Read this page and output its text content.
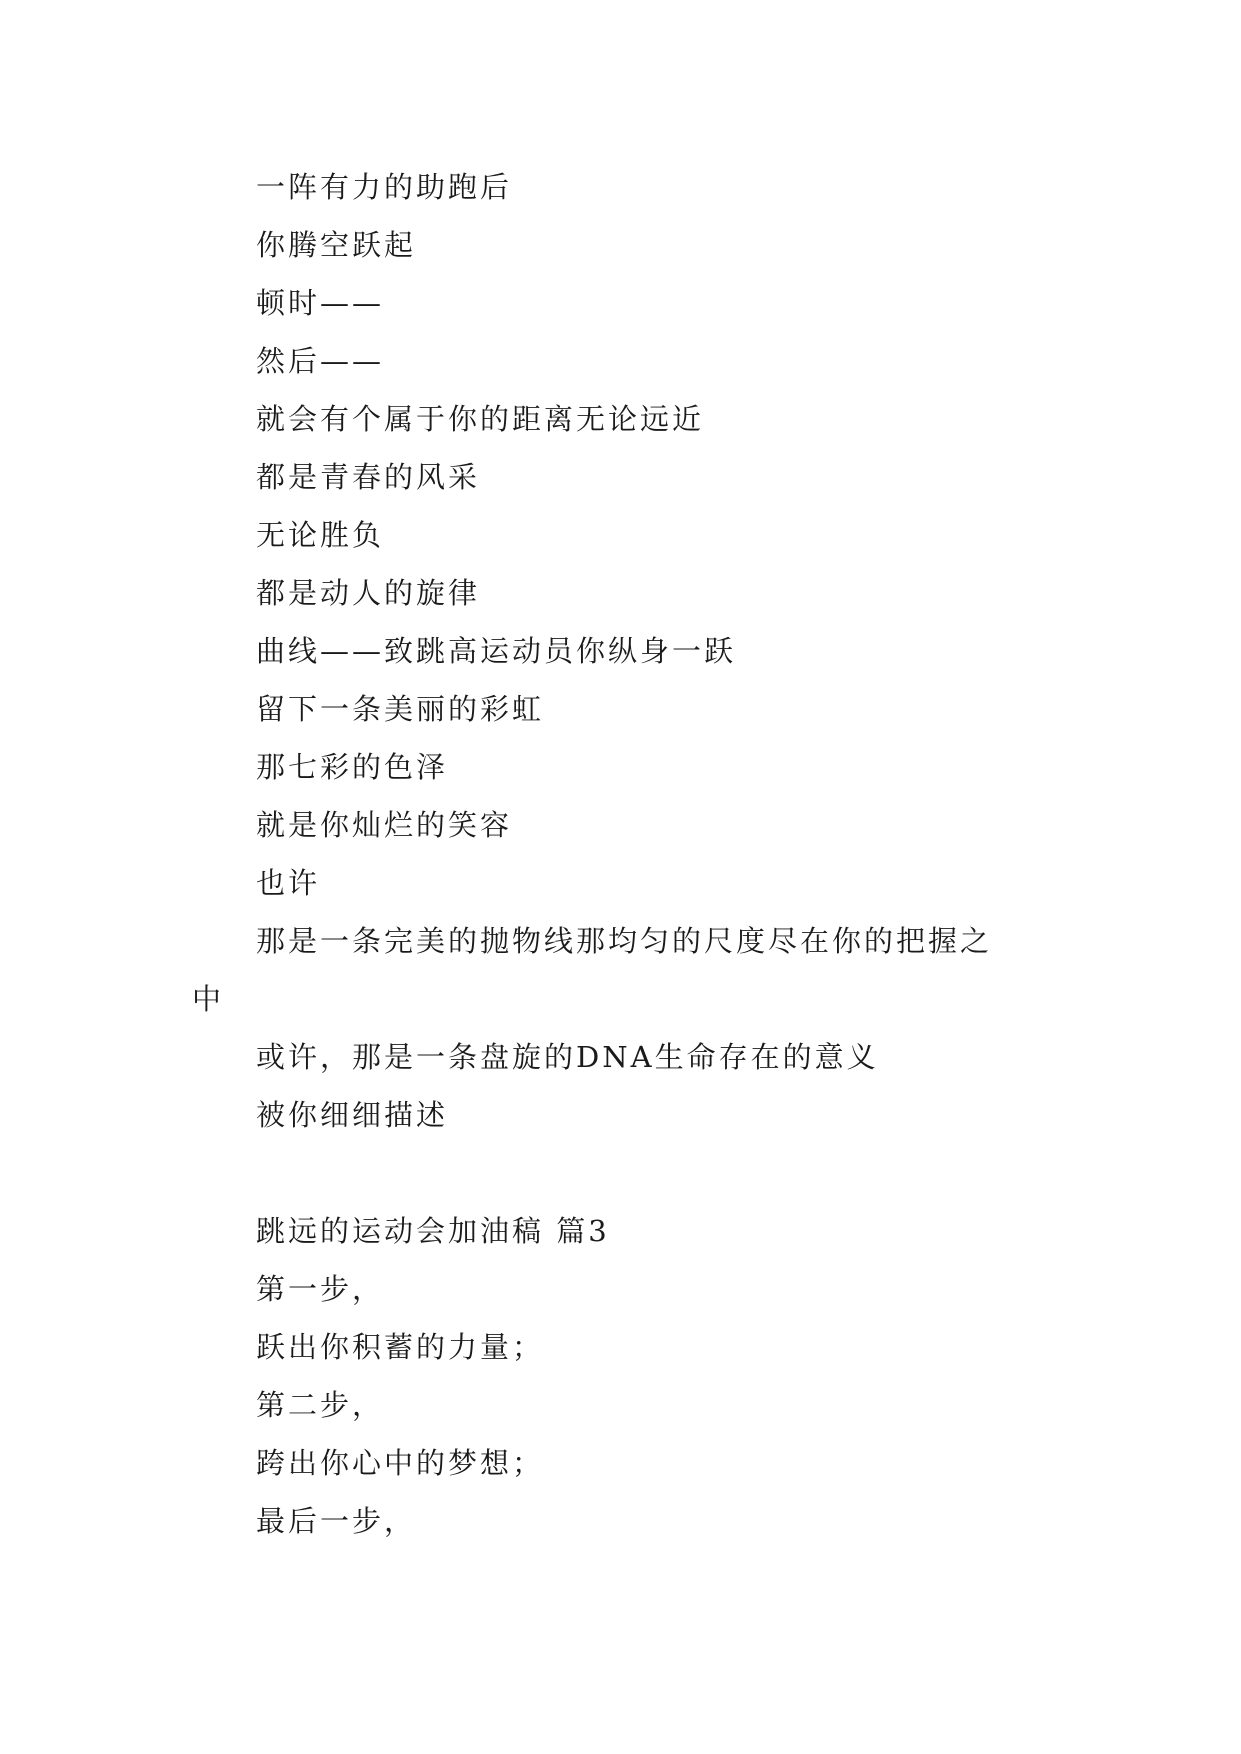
一阵有力的助跑后
你腾空跃起
顿时——
然后——
就会有个属于你的距离无论远近
都是青春的风采
无论胜负
都是动人的旋律
曲线——致跳高运动员你纵身一跃
留下一条美丽的彩虹
那七彩的色泽
就是你灿烂的笑容
也许
那是一条完美的抛物线那均匀的尺度尽在你的把握之
中
或许，那是一条盘旋的DNA生命存在的意义
被你细细描述
跳远的运动会加油稿 篇3
第一步，
跃出你积蓄的力量；
第二步，
跨出你心中的梦想；
最后一步，
